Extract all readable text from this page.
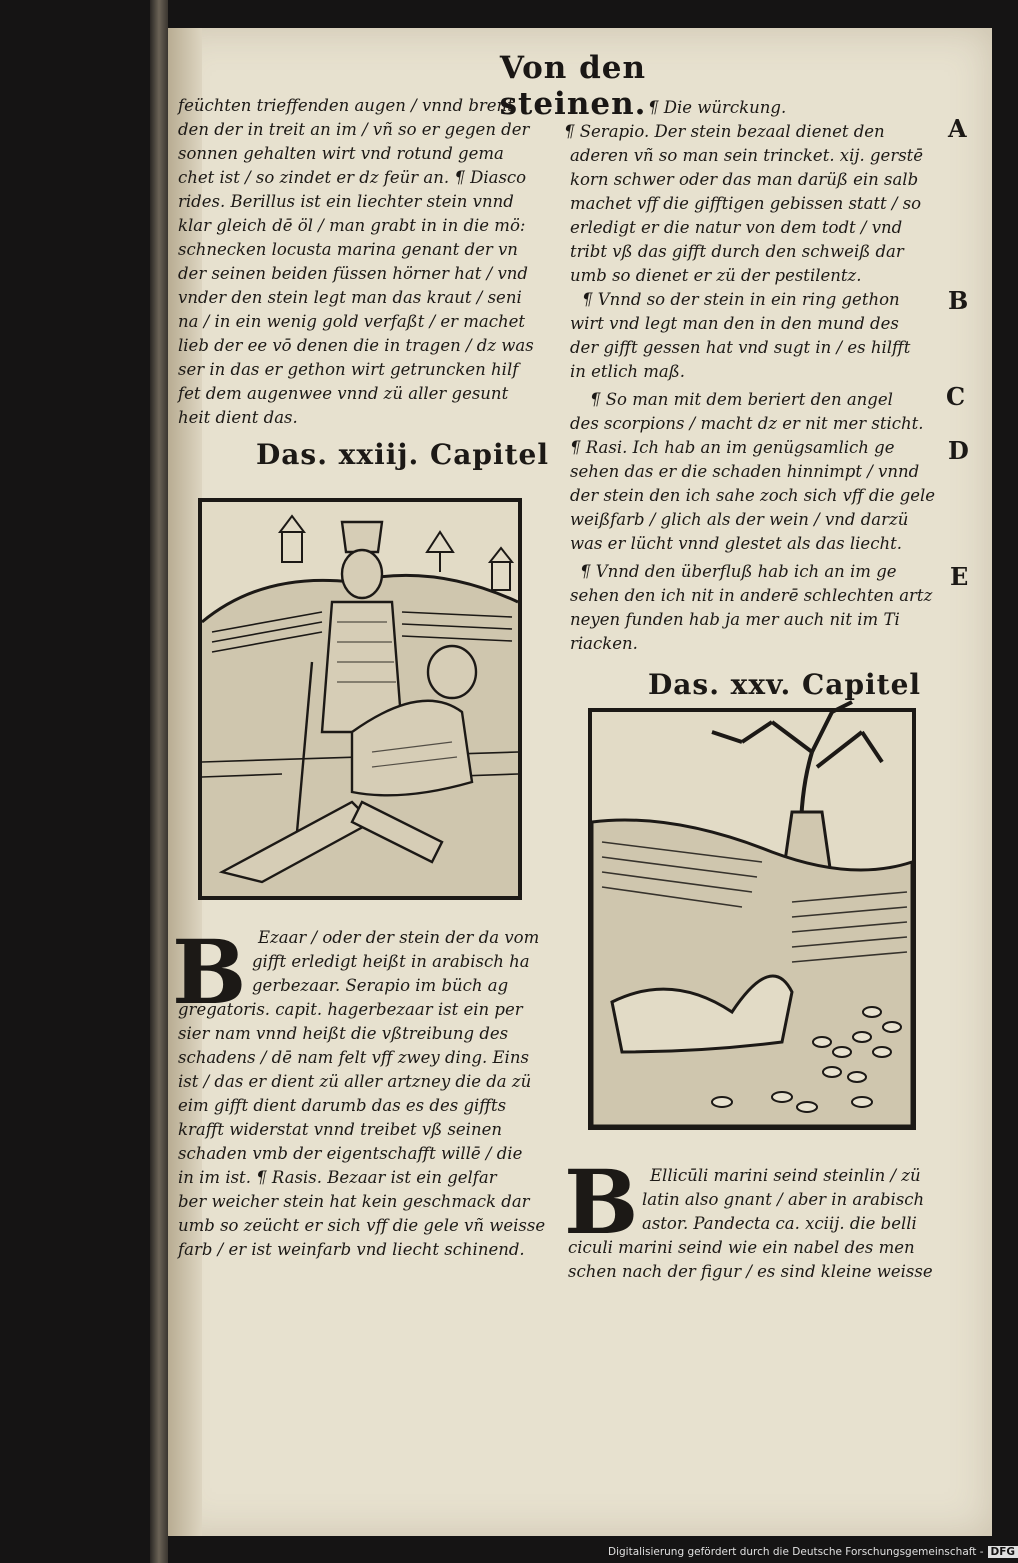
Von den steinen.
feüchten trieffenden augen / vnnd brent
den der in treit an im / vñ so er gegen der
sonnen gehalten wirt vnd rotund gema
chet ist / so zindet er dz feür an. ¶ Diasco
rides. Berillus ist ein liechter stein vnnd
klar gleich dē öl / man grabt in in die mö:
schnecken locusta marina genant der vn
der seinen beiden füssen hörner hat / vnd
vnder den stein legt man das kraut / seni
na / in ein wenig gold verfaßt / er machet
lieb der ee vō denen die in tragen / dz was
ser in das er gethon wirt getruncken hilf
fet dem augenwee vnnd zü aller gesunt
heit dient das.
Das. xxiij. Capitel
B Ezaar / oder der stein der da vom
gifft erledigt heißt in arabisch ha
gerbezaar. Serapio im büch ag
gregatoris. capit. hagerbezaar ist ein per
sier nam vnnd heißt die vßtreibung des
schadens / dē nam felt vff zwey ding. Eins
ist / das er dient zü aller artzney die da zü
eim gifft dient darumb das es des giffts
krafft widerstat vnnd treibet vß seinen
schaden vmb der eigentschafft willē / die
in im ist. ¶ Rasis. Bezaar ist ein gelfar
ber weicher stein hat kein geschmack dar
umb so zeücht er sich vff die gele vñ weisse
farb / er ist weinfarb vnd liecht schinend.
¶ Die würckung.
¶ Serapio. Der stein bezaal dienet den
aderen vñ so man sein trincket. xij. gerstē
korn schwer oder das man darüß ein salb
machet vff die gifftigen gebissen statt / so
erledigt er die natur von dem todt / vnd
tribt vß das gifft durch den schweiß dar
umb so dienet er zü der pestilentz.
¶ Vnnd so der stein in ein ring gethon
wirt vnd legt man den in den mund des
der gifft gessen hat vnd sugt in / es hilfft
in etlich maß.
¶ So man mit dem beriert den angel
des scorpions / macht dz er nit mer sticht.
¶ Rasi. Ich hab an im genügsamlich ge
sehen das er die schaden hinnimpt / vnnd
der stein den ich sahe zoch sich vff die gele
weißfarb / glich als der wein / vnd darzü
was er lücht vnnd glestet als das liecht.
¶ Vnnd den überfluß hab ich an im ge
sehen den ich nit in anderē schlechten artz
neyen funden hab ja mer auch nit im Ti
riacken.
Das. xxv. Capitel
B Ellicūli marini seind steinlin / zü
latin also gnant / aber in arabisch
astor. Pandecta ca. xciij. die belli
ciculi marini seind wie ein nabel des men
schen nach der figur / es sind kleine weisse
A
B
C
D
E
Digitalisierung gefördert durch die Deutsche Forschungsgemeinschaft - DFG
